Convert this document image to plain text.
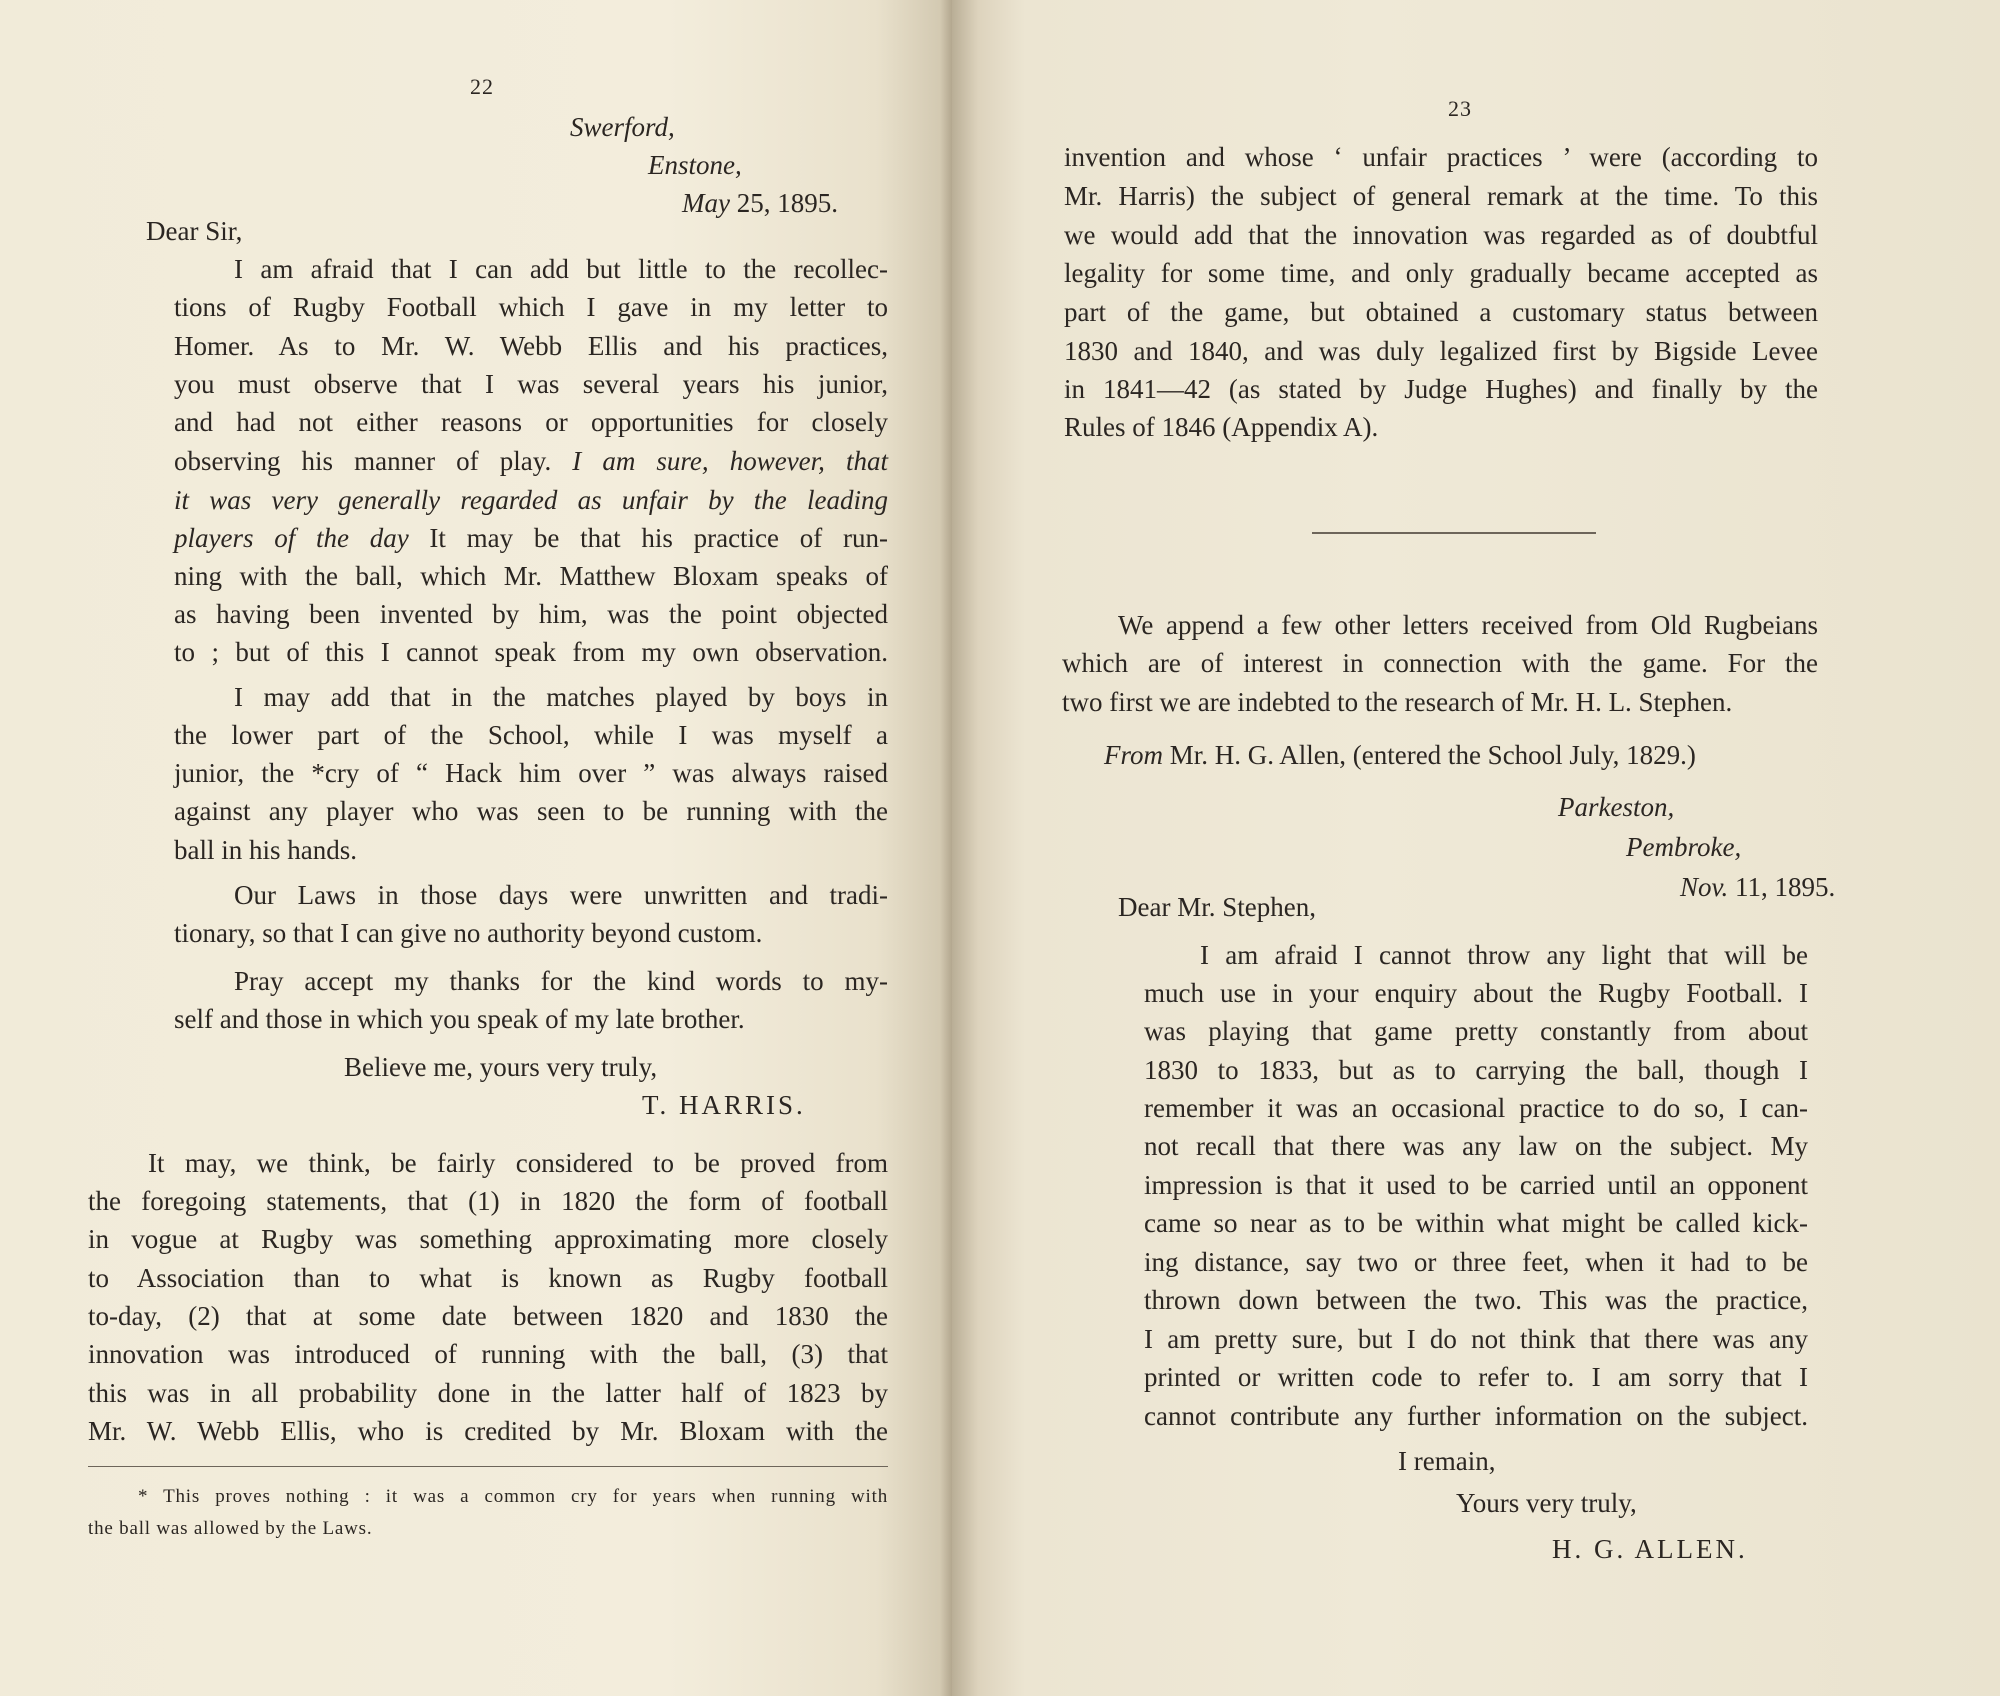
22
Swerford,
Enstone,
May 25, 1895.
Dear Sir,
I am afraid that I can add but little to the recollec-
tions of Rugby Football which I gave in my letter to
Homer. As to Mr. W. Webb Ellis and his practices,
you must observe that I was several years his junior,
and had not either reasons or opportunities for closely
observing his manner of play. I am sure, however, that
it was very generally regarded as unfair by the leading
players of the day It may be that his practice of run-
ning with the ball, which Mr. Matthew Bloxam speaks of
as having been invented by him, was the point objected
to ; but of this I cannot speak from my own observation.
I may add that in the matches played by boys in
the lower part of the School, while I was myself a
junior, the *cry of “ Hack him over ” was always raised
against any player who was seen to be running with the
ball in his hands.
Our Laws in those days were unwritten and tradi-
tionary, so that I can give no authority beyond custom.
Pray accept my thanks for the kind words to my-
self and those in which you speak of my late brother.
Believe me, yours very truly,
T. HARRIS.
It may, we think, be fairly considered to be proved from
the foregoing statements, that (1) in 1820 the form of football
in vogue at Rugby was something approximating more closely
to Association than to what is known as Rugby football
to-day, (2) that at some date between 1820 and 1830 the
innovation was introduced of running with the ball, (3) that
this was in all probability done in the latter half of 1823 by
Mr. W. Webb Ellis, who is credited by Mr. Bloxam with the
* This proves nothing : it was a common cry for years when running with
the ball was allowed by the Laws.
23
invention and whose ‘ unfair practices ’ were (according to
Mr. Harris) the subject of general remark at the time. To this
we would add that the innovation was regarded as of doubtful
legality for some time, and only gradually became accepted as
part of the game, but obtained a customary status between
1830 and 1840, and was duly legalized first by Bigside Levee
in 1841—42 (as stated by Judge Hughes) and finally by the
Rules of 1846 (Appendix A).
We append a few other letters received from Old Rugbeians
which are of interest in connection with the game. For the
two first we are indebted to the research of Mr. H. L. Stephen.
From Mr. H. G. Allen, (entered the School July, 1829.)
Parkeston,
Pembroke,
Nov. 11, 1895.
Dear Mr. Stephen,
I am afraid I cannot throw any light that will be
much use in your enquiry about the Rugby Football. I
was playing that game pretty constantly from about
1830 to 1833, but as to carrying the ball, though I
remember it was an occasional practice to do so, I can-
not recall that there was any law on the subject. My
impression is that it used to be carried until an opponent
came so near as to be within what might be called kick-
ing distance, say two or three feet, when it had to be
thrown down between the two. This was the practice,
I am pretty sure, but I do not think that there was any
printed or written code to refer to. I am sorry that I
cannot contribute any further information on the subject.
I remain,
Yours very truly,
H. G. ALLEN.
